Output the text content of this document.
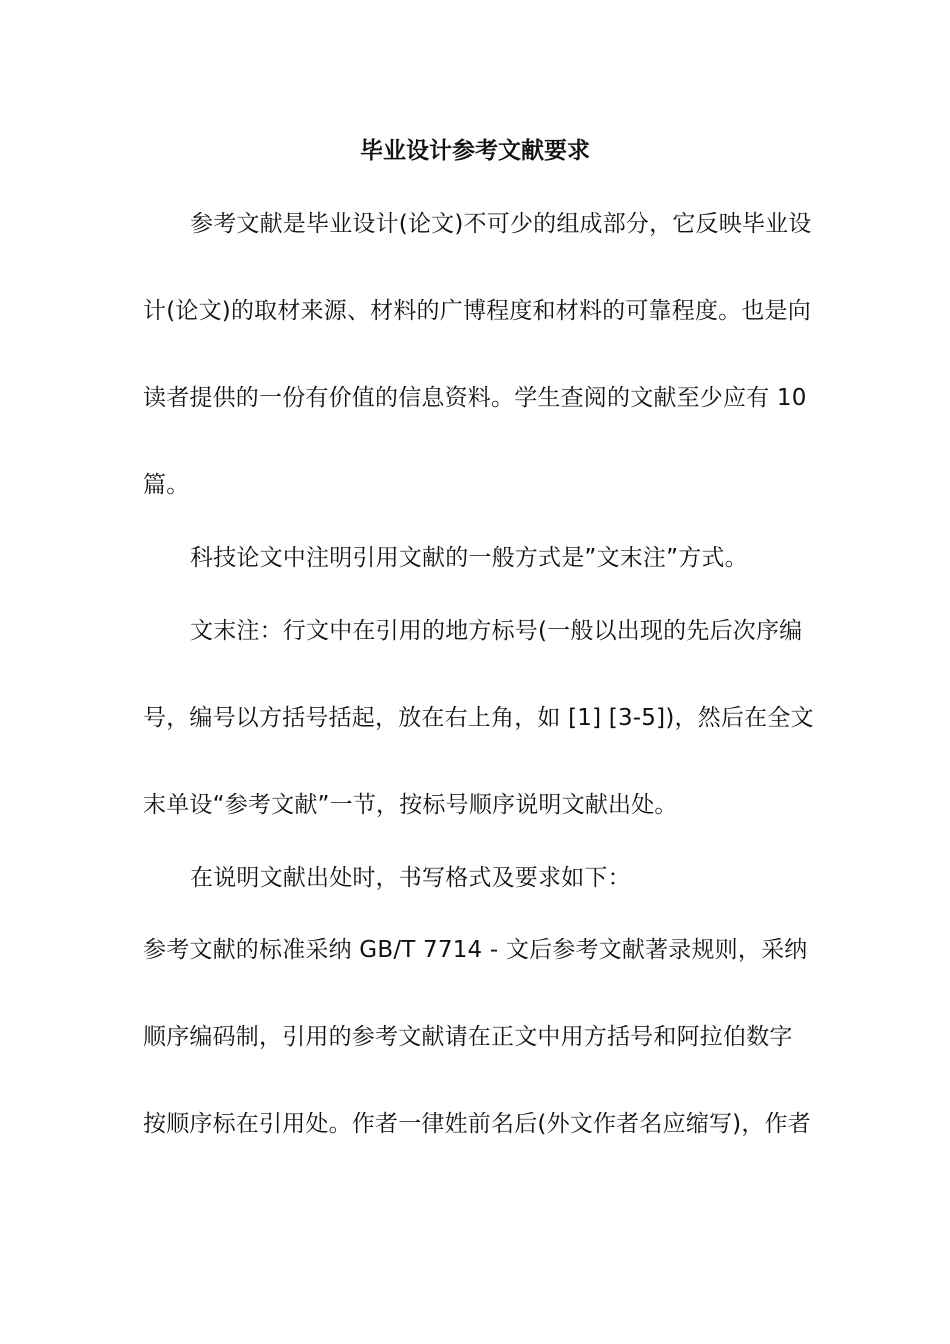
毕业设计参考文献要求
参考文献是毕业设计(论文)不可少的组成部分，它反映毕业设
计(论文)的取材来源、材料的广博程度和材料的可靠程度。也是向
读者提供的一份有价值的信息资料。学生查阅的文献至少应有 10
篇。
科技论文中注明引用文献的一般方式是”文末注”方式。
文末注：行文中在引用的地方标号(一般以出现的先后次序编
号，编号以方括号括起，放在右上角，如 [1] [3-5])，然后在全文
末单设“参考文献”一节，按标号顺序说明文献出处。
在说明文献出处时，书写格式及要求如下：
参考文献的标准采纳 GB/T 7714 - 文后参考文献著录规则，采纳
顺序编码制，引用的参考文献请在正文中用方括号和阿拉伯数字
按顺序标在引用处。作者一律姓前名后(外文作者名应缩写)，作者
